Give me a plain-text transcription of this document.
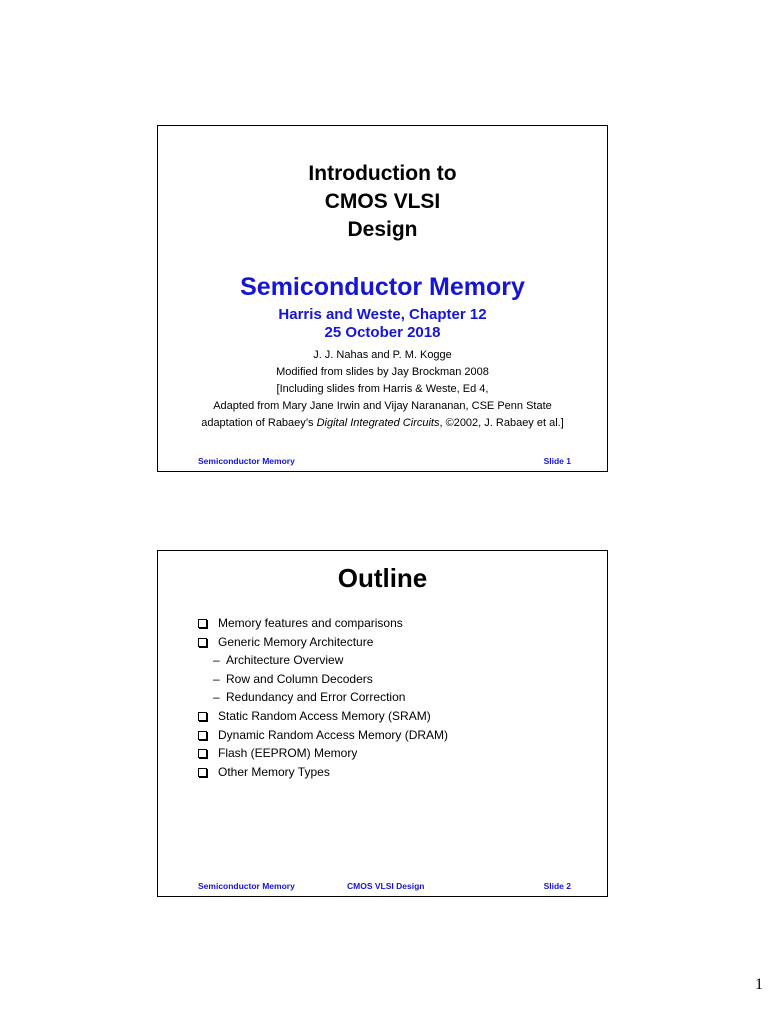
Introduction to
CMOS VLSI
Design
Semiconductor Memory
Harris and Weste, Chapter 12
25 October 2018
J. J. Nahas and P. M. Kogge
Modified from slides by Jay Brockman 2008
[Including slides from Harris & Weste, Ed 4,
Adapted from Mary Jane Irwin and Vijay Narananan, CSE Penn State
adaptation of Rabaey’s Digital Integrated Circuits, ©2002, J. Rabaey et al.]
Semiconductor Memory	Slide 1
Outline
Memory features and comparisons
Generic Memory Architecture
– Architecture Overview
– Row and Column Decoders
– Redundancy and Error Correction
Static Random Access Memory (SRAM)
Dynamic Random Access Memory (DRAM)
Flash (EEPROM) Memory
Other Memory Types
Semiconductor Memory	CMOS VLSI Design	Slide 2
1
